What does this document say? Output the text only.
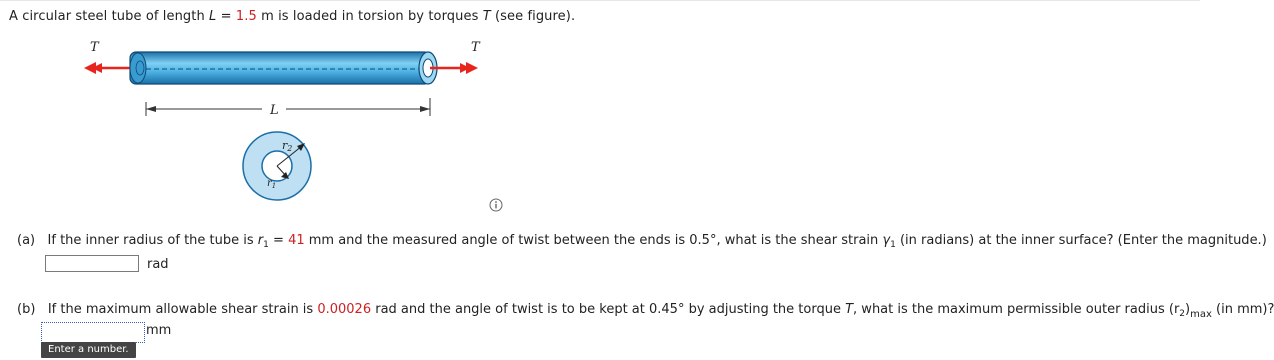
A circular steel tube of length L = 1.5 m is loaded in torsion by torques T (see figure).
T	T
L
r2
$r_1$
(a) If the inner radius of the tube is $r_1 = 41$ mm and the measured angle of twist between the ends is 0.5°, what is the shear strain $\gamma_1$ (in radians) at the inner surface? (Enter the magnitude.)
rad
(b) If the maximum allowable shear strain is 0.00026 rad and the angle of twist is to be kept at 0.45° by adjusting the torque T, what is the maximum permissible outer radius $(r_2)_{max}$ (in mm)?
mm
Enter a number.
